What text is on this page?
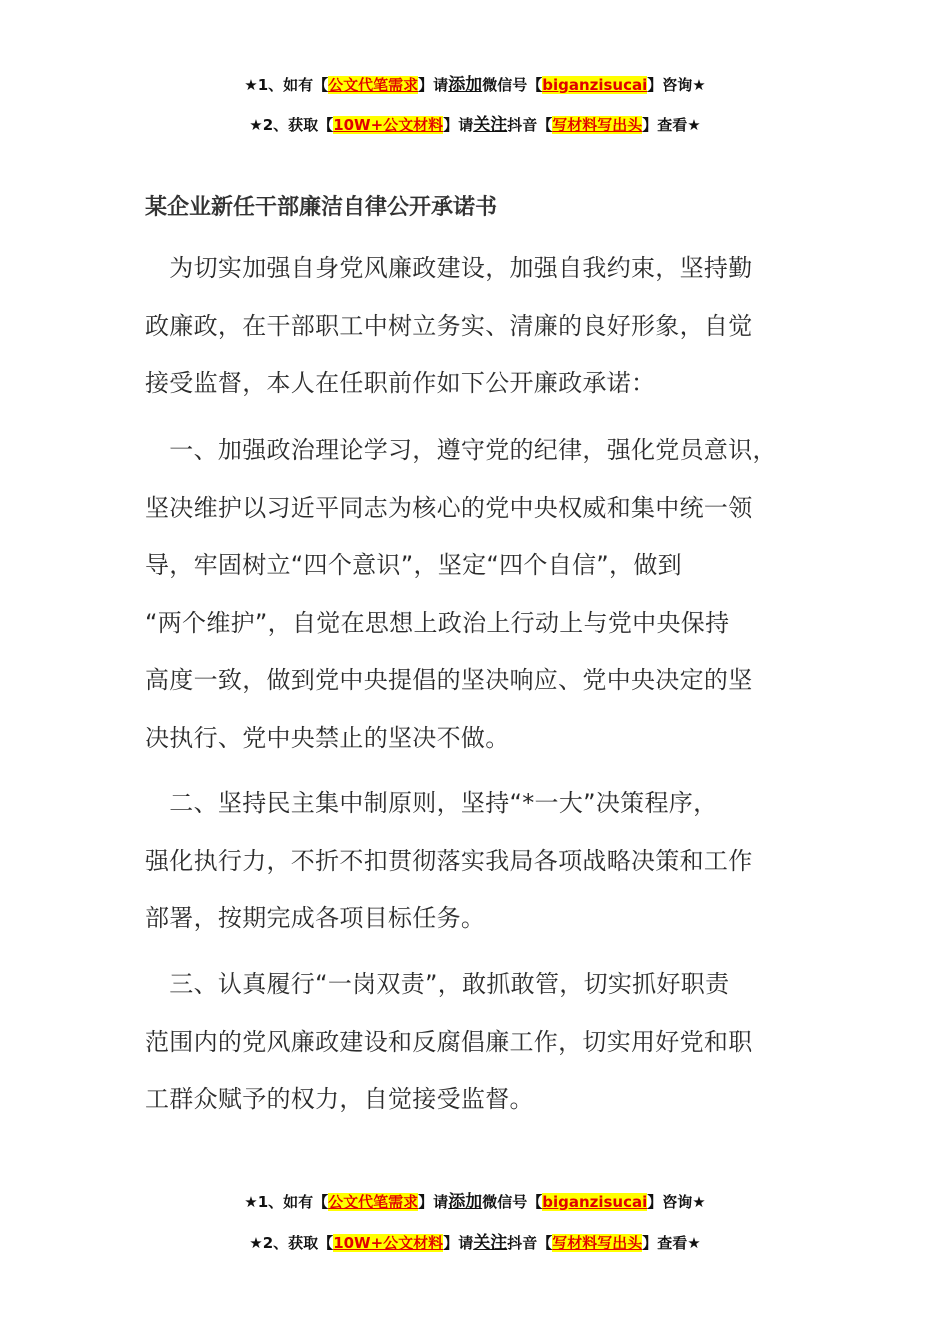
★1、如有【公文代笔需求】请添加微信号【biganzisucai】咨询★
★2、获取【10W+公文材料】请关注抖音【写材料写出头】查看★
某企业新任干部廉洁自律公开承诺书
　为切实加强自身党风廉政建设，加强自我约束，坚持勤
政廉政，在干部职工中树立务实、清廉的良好形象，自觉
接受监督，本人在任职前作如下公开廉政承诺：
　一、加强政治理论学习，遵守党的纪律，强化党员意识，
坚决维护以习近平同志为核心的党中央权威和集中统一领
导，牢固树立“四个意识”，坚定“四个自信”，做到
“两个维护”，自觉在思想上政治上行动上与党中央保持
高度一致，做到党中央提倡的坚决响应、党中央决定的坚
决执行、党中央禁止的坚决不做。
　二、坚持民主集中制原则，坚持“*一大”决策程序，
强化执行力，不折不扣贯彻落实我局各项战略决策和工作
部署，按期完成各项目标任务。
　三、认真履行“一岗双责”，敢抓敢管，切实抓好职责
范围内的党风廉政建设和反腐倡廉工作，切实用好党和职
工群众赋予的权力，自觉接受监督。
★1、如有【公文代笔需求】请添加微信号【biganzisucai】咨询★
★2、获取【10W+公文材料】请关注抖音【写材料写出头】查看★
